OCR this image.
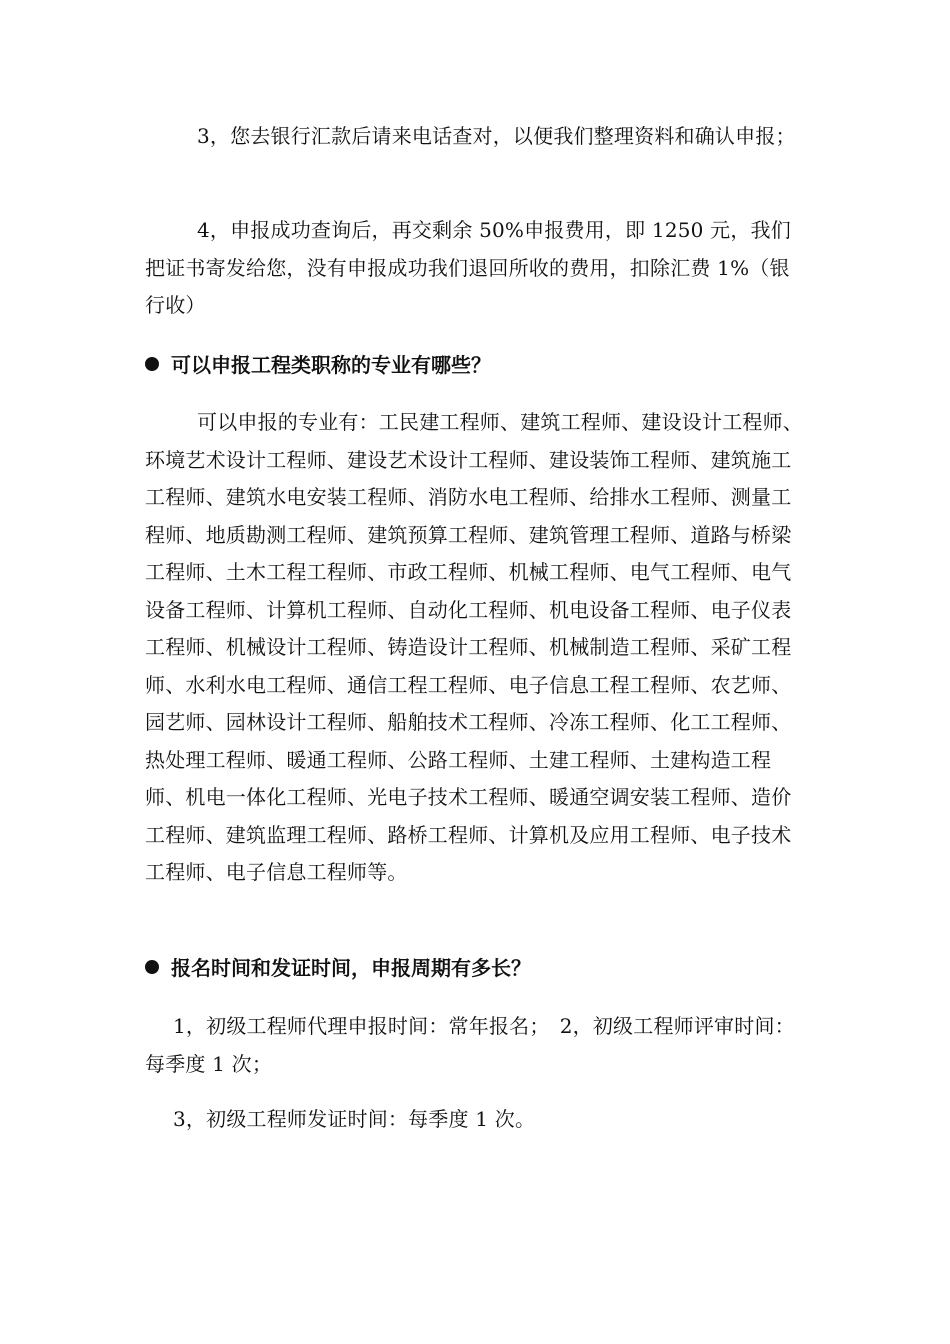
3，您去银行汇款后请来电话查对，以便我们整理资料和确认申报；

4，申报成功查询后，再交剩余 50%申报费用，即 1250 元，我们把证书寄发给您，没有申报成功我们退回所收的费用，扣除汇费 1%（银行收）

可以申报工程类职称的专业有哪些？

可以申报的专业有：工民建工程师、建筑工程师、建设设计工程师、环境艺术设计工程师、建设艺术设计工程师、建设装饰工程师、建筑施工工程师、建筑水电安装工程师、消防水电工程师、给排水工程师、测量工程师、地质勘测工程师、建筑预算工程师、建筑管理工程师、道路与桥梁工程师、土木工程工程师、市政工程师、机械工程师、电气工程师、电气设备工程师、计算机工程师、自动化工程师、机电设备工程师、电子仪表工程师、机械设计工程师、铸造设计工程师、机械制造工程师、采矿工程师、水利水电工程师、通信工程工程师、电子信息工程工程师、农艺师、园艺师、园林设计工程师、船舶技术工程师、冷冻工程师、化工工程师、热处理工程师、暖通工程师、公路工程师、土建工程师、土建构造工程师、机电一体化工程师、光电子技术工程师、暖通空调安装工程师、造价工程师、建筑监理工程师、路桥工程师、计算机及应用工程师、电子技术工程师、电子信息工程师等。

报名时间和发证时间，申报周期有多长？

1，初级工程师代理申报时间：常年报名；　2，初级工程师评审时间：每季度 1 次；

3，初级工程师发证时间：每季度 1 次。
